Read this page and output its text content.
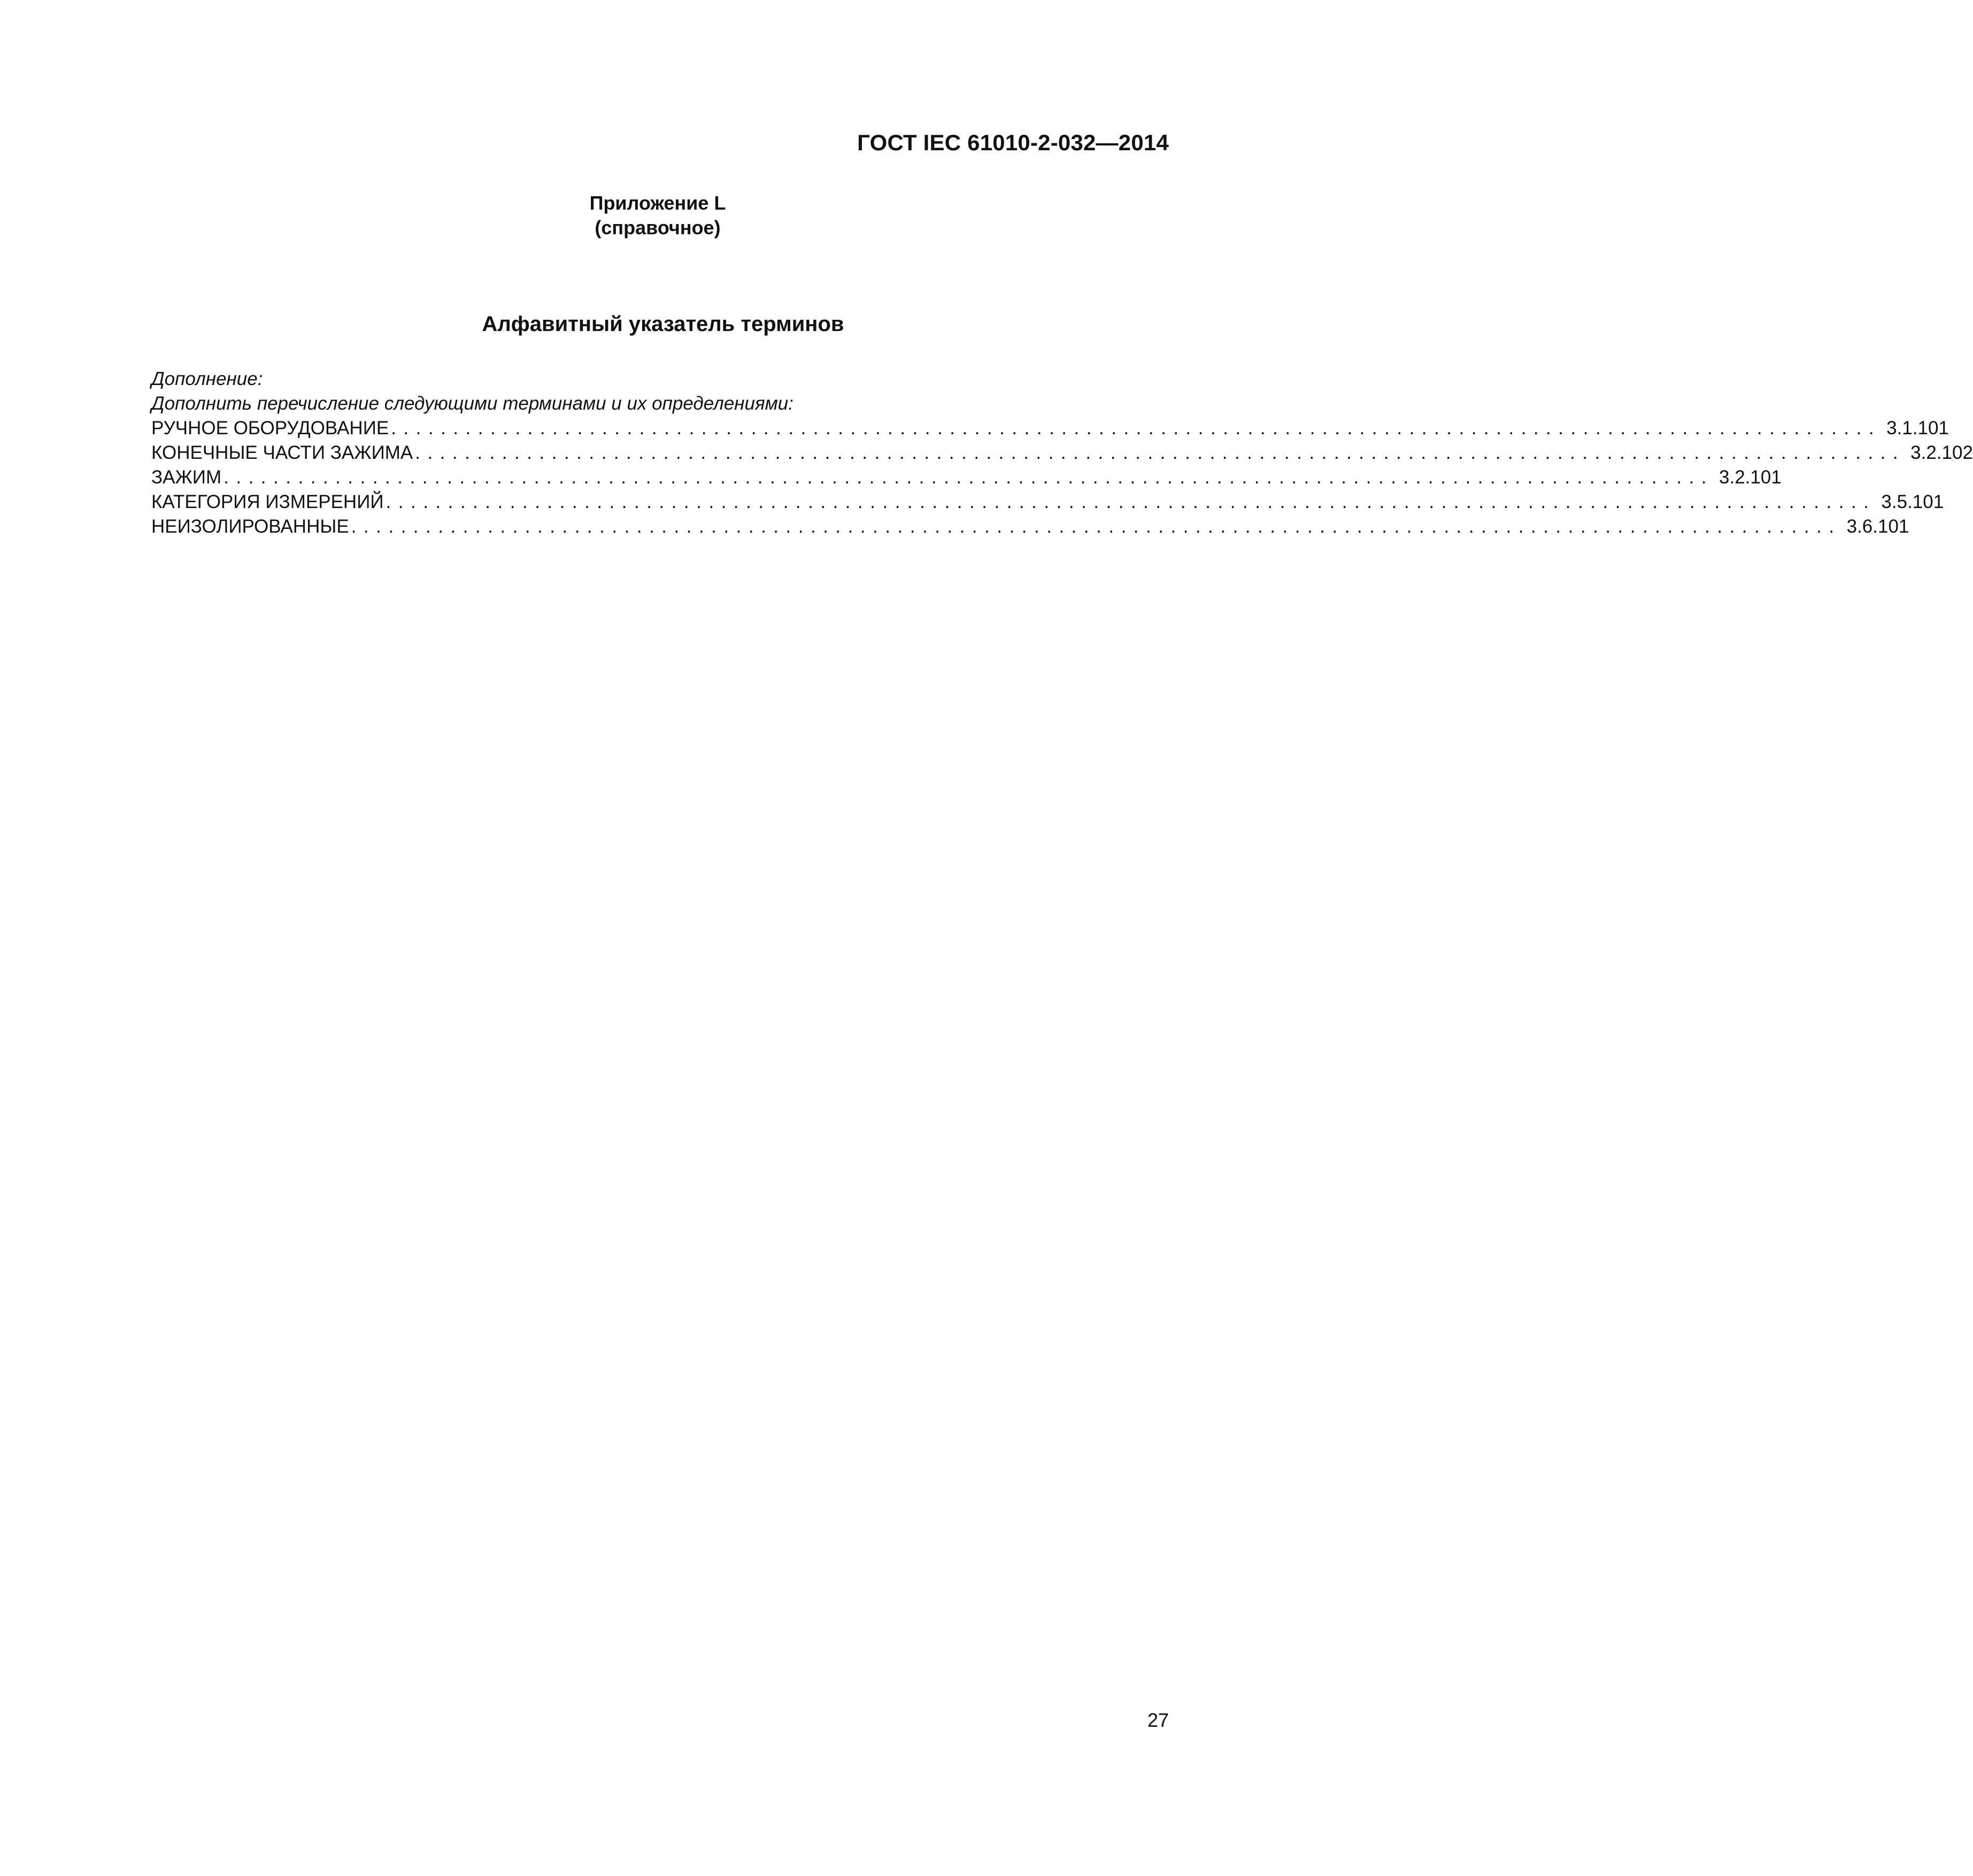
ГОСТ IEC 61010-2-032—2014
Приложение L
(справочное)
Алфавитный указатель терминов
Дополнение:
Дополнить перечисление следующими терминами и их определениями:
РУЧНОЕ ОБОРУДОВАНИЕ ........................................................................................................................ 3.1.101
КОНЕЧНЫЕ ЧАСТИ ЗАЖИМА ........................................................................................................................ 3.2.102
ЗАЖИМ ........................................................................................................................ 3.2.101
КАТЕГОРИЯ ИЗМЕРЕНИЙ ........................................................................................................................ 3.5.101
НЕИЗОЛИРОВАННЫЕ ........................................................................................................................ 3.6.101
27
